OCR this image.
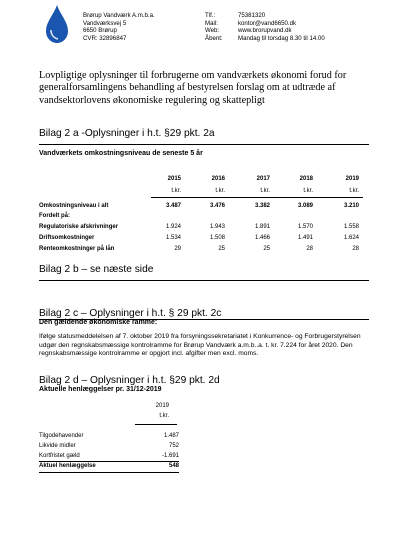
Brørup Vandværk A.m.b.a.
Vandværksvej 5
6650 Brørup
CVR: 32896847
Tlf.:	75381320
Mail:	kontor@vand6650.dk
Web:	www.brorupvand.dk
Åbent:	Mandag til torsdag 8.30 til 14.00
Lovpligtige oplysninger til forbrugerne om vandværkets økonomi forud for generalforsamlingens behandling af bestyrelsen forslag om at udtræde af vandsektorlovens økonomiske regulering og skattepligt
Bilag 2 a -Oplysninger i h.t. §29 pkt. 2a
Vandværkets omkostningsniveau de seneste 5 år
2015	2016	2017	2018	2019
t.kr.	t.kr.	t.kr.	t.kr.	t.kr.
Omkostningsniveau i alt	3.487	3.476	3.382	3.089	3.210
Fordelt på:
Regulatoriske afskrivninger	1.924	1.943	1.891	1.570	1.558
Driftsomkostninger	1.534	1.508	1.466	1.491	1.624
Renteomkostninger på lån	29	25	25	28	28
Bilag 2 b – se næste side
Bilag 2 c – Oplysninger i h.t. § 29 pkt. 2c
Den gældende økonomiske ramme:
Ifølge statusmeddelelsen af 7. oktober 2019 fra forsyningssekretariatet i Konkurrence- og Forbrugerstyrelsen udgør den regnskabsmæssige kontrolramme for Brørup Vandværk a.m.b..a. t. kr. 7.224 for året 2020. Den regnskabsmæssige kontrolramme er opgjort incl. afgifter men excl. moms.
Bilag 2 d – Oplysninger i h.t. §29 pkt. 2d
Aktuelle henlæggelser pr. 31/12-2019
2019
t.kr.
Tilgodehavender	1.487
Likvide midler	752
Kortfristet gæld	-1.691
Aktuel henlæggelse	548
